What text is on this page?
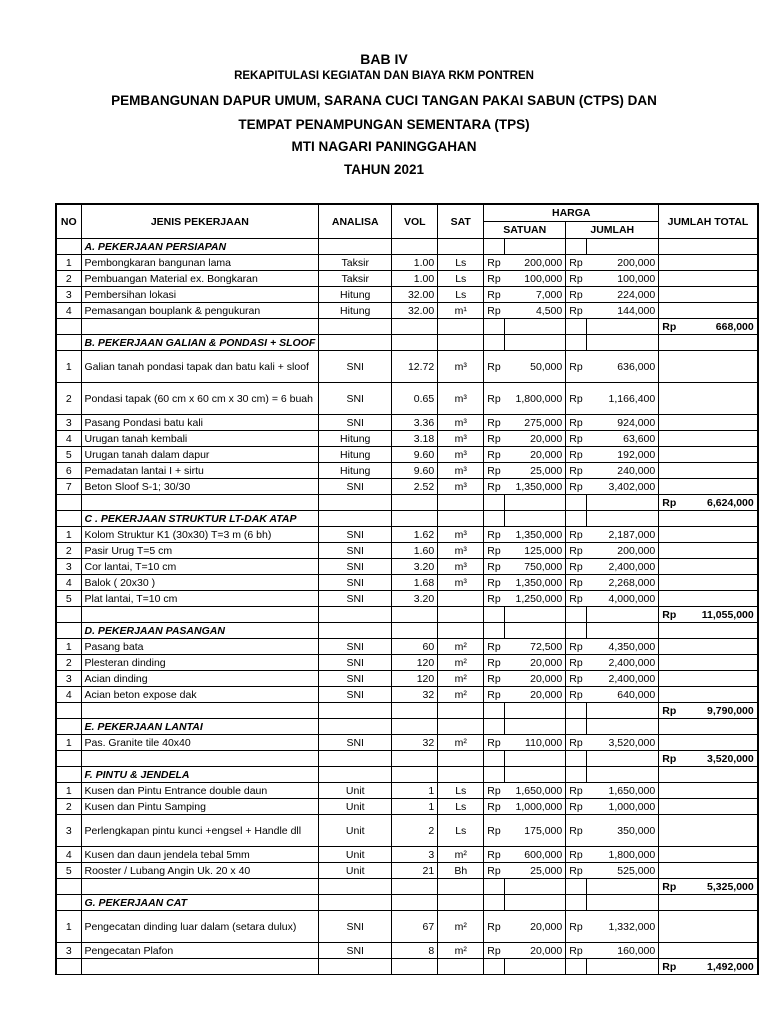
BAB IV
REKAPITULASI KEGIATAN DAN BIAYA RKM PONTREN
PEMBANGUNAN DAPUR UMUM, SARANA CUCI TANGAN PAKAI SABUN (CTPS) DAN
TEMPAT PENAMPUNGAN SEMENTARA (TPS)
MTI NAGARI PANINGGAHAN
TAHUN 2021
NO	JENIS PEKERJAAN	ANALISA	VOL	SAT	HARGA				JUMLAH TOTAL	
					SATUAN		JUMLAH			
	A. PEKERJAAN PERSIAPAN									
1	Pembongkaran bangunan lama	Taksir	1.00	Ls	Rp	200,000	Rp	200,000		
2	Pembuangan Material ex. Bongkaran	Taksir	1.00	Ls	Rp	100,000	Rp	100,000		
3	Pembersihan lokasi	Hitung	32.00	Ls	Rp	7,000	Rp	224,000		
4	Pemasangan bouplank & pengukuran	Hitung	32.00	m¹	Rp	4,500	Rp	144,000		
									Rp	668,000
	B. PEKERJAAN GALIAN & PONDASI + SLOOF									
1	Galian tanah pondasi tapak dan batu kali + sloof	SNI	12.72	m³	Rp	50,000	Rp	636,000		
2	Pondasi tapak (60 cm x 60 cm x 30 cm) = 6 buah	SNI	0.65	m³	Rp	1,800,000	Rp	1,166,400		
3	Pasang Pondasi batu kali	SNI	3.36	m³	Rp	275,000	Rp	924,000		
4	Urugan tanah kembali	Hitung	3.18	m³	Rp	20,000	Rp	63,600		
5	Urugan tanah dalam dapur	Hitung	9.60	m³	Rp	20,000	Rp	192,000		
6	Pemadatan lantai I + sirtu	Hitung	9.60	m³	Rp	25,000	Rp	240,000		
7	Beton Sloof S-1; 30/30	SNI	2.52	m³	Rp	1,350,000	Rp	3,402,000		
									Rp	6,624,000
	C . PEKERJAAN STRUKTUR LT-DAK ATAP									
1	Kolom Struktur K1 (30x30) T=3 m (6 bh)	SNI	1.62	m³	Rp	1,350,000	Rp	2,187,000		
2	Pasir Urug T=5 cm	SNI	1.60	m³	Rp	125,000	Rp	200,000		
3	Cor lantai, T=10 cm	SNI	3.20	m³	Rp	750,000	Rp	2,400,000		
4	Balok ( 20x30 )	SNI	1.68	m³	Rp	1,350,000	Rp	2,268,000		
5	Plat lantai, T=10 cm	SNI	3.20		Rp	1,250,000	Rp	4,000,000		
									Rp	11,055,000
	D. PEKERJAAN PASANGAN									
1	Pasang bata	SNI	60	m²	Rp	72,500	Rp	4,350,000		
2	Plesteran dinding	SNI	120	m²	Rp	20,000	Rp	2,400,000		
3	Acian dinding	SNI	120	m²	Rp	20,000	Rp	2,400,000		
4	Acian beton expose dak	SNI	32	m²	Rp	20,000	Rp	640,000		
									Rp	9,790,000
	E. PEKERJAAN LANTAI									
1	Pas. Granite tile 40x40	SNI	32	m²	Rp	110,000	Rp	3,520,000		
									Rp	3,520,000
	F. PINTU & JENDELA									
1	Kusen dan Pintu Entrance double daun	Unit	1	Ls	Rp	1,650,000	Rp	1,650,000		
2	Kusen dan Pintu Samping	Unit	1	Ls	Rp	1,000,000	Rp	1,000,000		
3	Perlengkapan pintu kunci +engsel + Handle dll	Unit	2	Ls	Rp	175,000	Rp	350,000		
4	Kusen dan daun jendela tebal 5mm	Unit	3	m²	Rp	600,000	Rp	1,800,000		
5	Rooster / Lubang Angin Uk. 20 x 40	Unit	21	Bh	Rp	25,000	Rp	525,000		
									Rp	5,325,000
	G. PEKERJAAN CAT									
1	Pengecatan dinding luar dalam (setara dulux)	SNI	67	m²	Rp	20,000	Rp	1,332,000		
3	Pengecatan Plafon	SNI	8	m²	Rp	20,000	Rp	160,000		
									Rp	1,492,000
